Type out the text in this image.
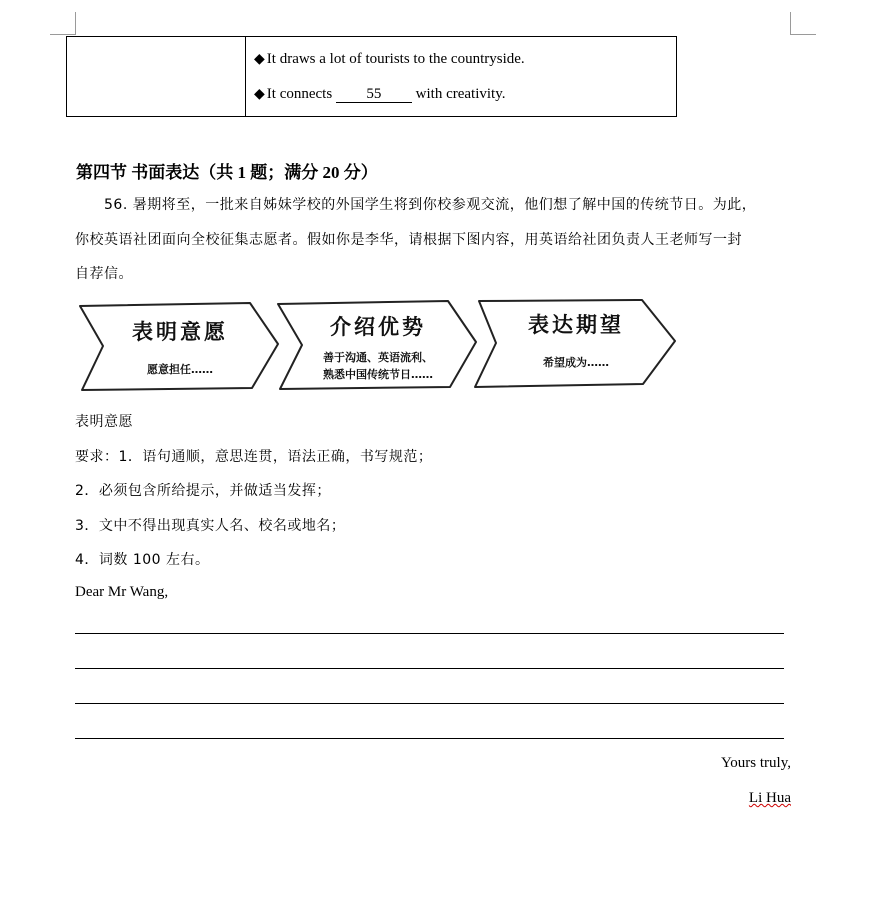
◆ It draws a lot of tourists to the countryside.
◆ It connects 55 with creativity.
第四节 书面表达（共 1 题；满分 20 分）
56. 暑期将至，一批来自姊妹学校的外国学生将到你校参观交流，他们想了解中国的传统节日。为此，
你校英语社团面向全校征集志愿者。假如你是李华，请根据下图内容，用英语给社团负责人王老师写一封
自荐信。
表明意愿
愿意担任……
介绍优势
善于沟通、英语流利、
熟悉中国传统节日……
表达期望
希望成为……
表明意愿
要求：1．语句通顺，意思连贯，语法正确，书写规范；
2．必须包含所给提示，并做适当发挥；
3．文中不得出现真实人名、校名或地名；
4．词数 100 左右。
Dear Mr Wang,
Yours truly,
Li Hua
